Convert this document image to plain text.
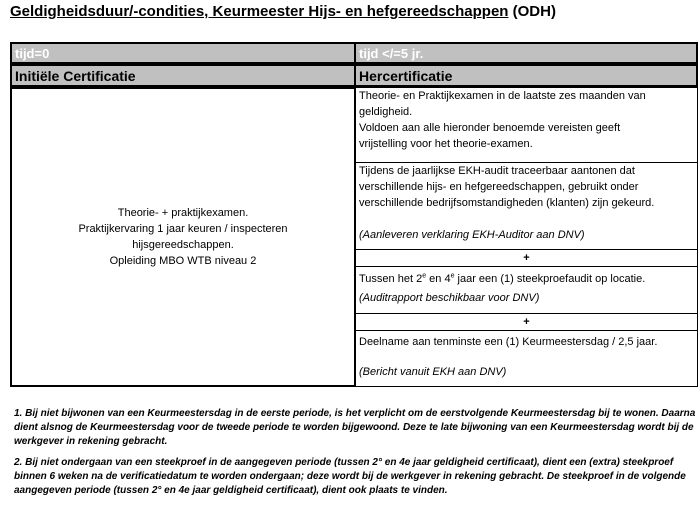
Geldigheidsduur/-condities, Keurmeester Hijs- en hefgereedschappen (ODH)
tijd=0
Initiële Certificatie
Theorie- + praktijkexamen.
Praktijkervaring 1 jaar keuren / inspecteren
hijsgereedschappen.
Opleiding MBO WTB niveau 2
tijd </=5 jr.
Hercertificatie
Theorie- en Praktijkexamen in de laatste zes maanden van
geldigheid.
Voldoen aan alle hieronder benoemde vereisten geeft
vrijstelling voor het theorie-examen.
Tijdens de jaarlijkse EKH-audit traceerbaar aantonen dat
verschillende hijs- en hefgereedschappen, gebruikt onder
verschillende bedrijfsomstandigheden (klanten) zijn gekeurd.
(Aanleveren verklaring EKH-Auditor aan DNV)
+
Tussen het 2e en 4e jaar een (1) steekproefaudit op locatie.
(Auditrapport beschikbaar voor DNV)
+
Deelname aan tenminste een (1) Keurmeestersdag / 2,5 jaar.
(Bericht vanuit EKH aan DNV)

1. Bij niet bijwonen van een Keurmeestersdag in de eerste periode, is het verplicht om de eerstvolgende Keurmeestersdag bij te wonen. Daarna dient alsnog de Keurmeestersdag voor de tweede periode te worden bijgewoond. Deze te late bijwoning van een Keurmeestersdag wordt bij de werkgever in rekening gebracht.

2. Bij niet ondergaan van een steekproef in de aangegeven periode (tussen 2° en 4e jaar geldigheid certificaat), dient een (extra) steekproef binnen 6 weken na de verificatiedatum te worden ondergaan; deze wordt bij de werkgever in rekening gebracht. De steekproef in de volgende aangegeven periode (tussen 2° en 4e jaar geldigheid certificaat), dient ook plaats te vinden.
